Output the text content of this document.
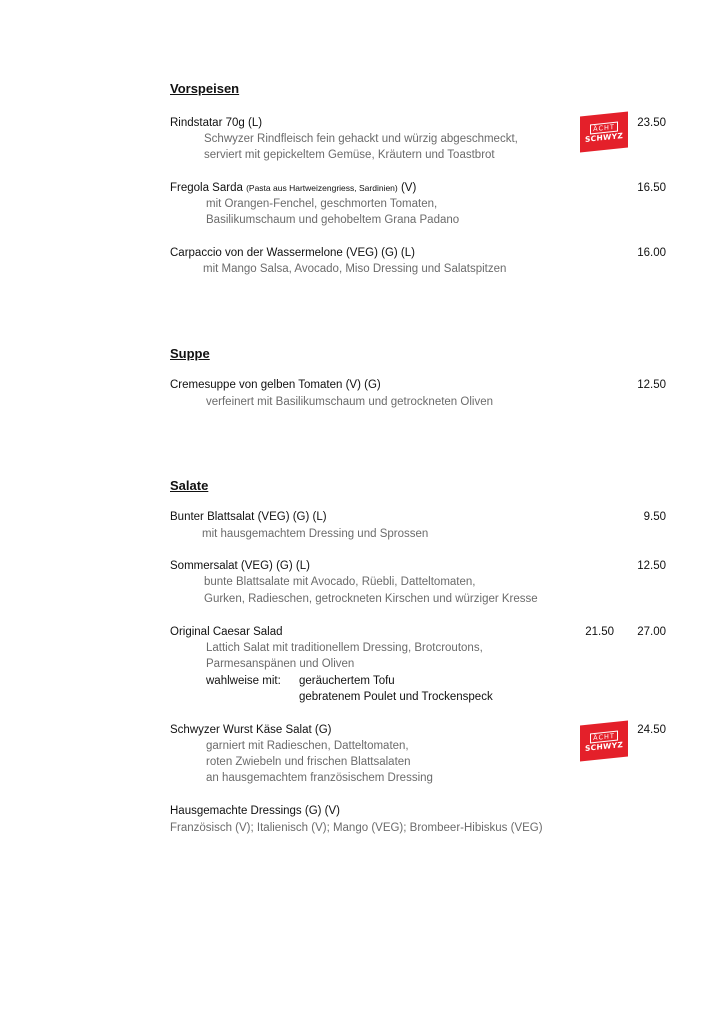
Vorspeisen
Rindstatar 70g (L)
Schwyzer Rindfleisch fein gehackt und würzig abgeschmeckt,
serviert mit gepickeltem Gemüse, Kräutern und Toastbrot
ÄCHT
SCHWYZ
23.50
Fregola Sarda (Pasta aus Hartweizengriess, Sardinien) (V)
mit Orangen-Fenchel, geschmorten Tomaten,
Basilikumschaum und gehobeltem Grana Padano
16.50
Carpaccio von der Wassermelone (VEG) (G) (L)
mit Mango Salsa, Avocado, Miso Dressing und Salatspitzen
16.00
Suppe
Cremesuppe von gelben Tomaten (V) (G)
verfeinert mit Basilikumschaum und getrockneten Oliven
12.50
Salate
Bunter Blattsalat (VEG) (G) (L)
mit hausgemachtem Dressing und Sprossen
9.50
Sommersalat (VEG) (G) (L)
bunte Blattsalate mit Avocado, Rüebli, Datteltomaten,
Gurken, Radieschen, getrockneten Kirschen und würziger Kresse
12.50
Original Caesar Salad
Lattich Salat mit traditionellem Dressing, Brotcroutons,
Parmesanspänen und Oliven
wahlweise mit: geräuchertem Tofu
gebratenem Poulet und Trockenspeck
21.50	27.00
Schwyzer Wurst Käse Salat (G)
garniert mit Radieschen, Datteltomaten,
roten Zwiebeln und frischen Blattsalaten
an hausgemachtem französischem Dressing
ÄCHT
SCHWYZ
24.50
Hausgemachte Dressings (G) (V)
Französisch (V); Italienisch (V); Mango (VEG); Brombeer-Hibiskus (VEG)
